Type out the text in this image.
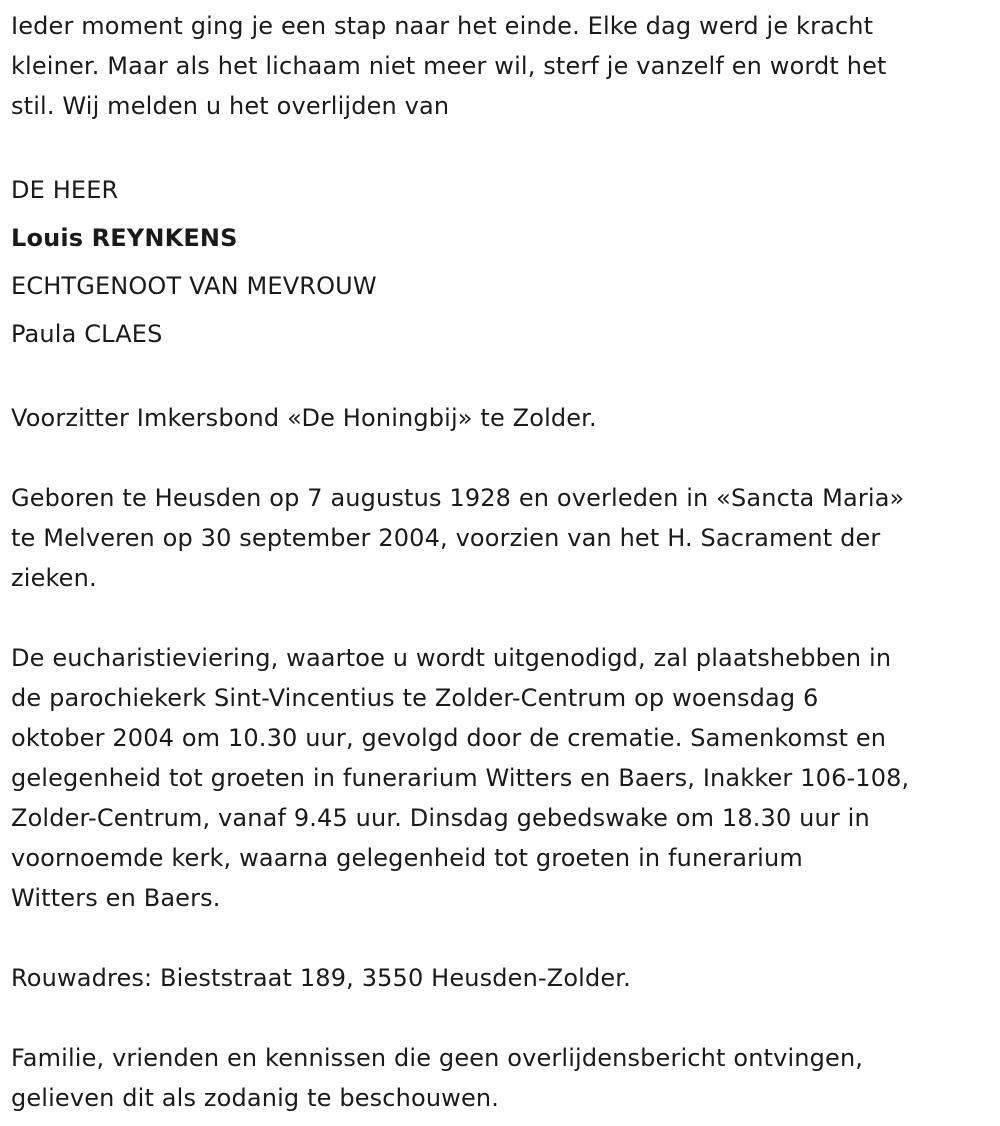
Ieder moment ging je een stap naar het einde. Elke dag werd je kracht
kleiner. Maar als het lichaam niet meer wil, sterf je vanzelf en wordt het
stil. Wij melden u het overlijden van

DE HEER

Louis REYNKENS

ECHTGENOOT VAN MEVROUW

Paula CLAES

Voorzitter Imkersbond «De Honingbij» te Zolder.

Geboren te Heusden op 7 augustus 1928 en overleden in «Sancta Maria»
te Melveren op 30 september 2004, voorzien van het H. Sacrament der
zieken.

De eucharistieviering, waartoe u wordt uitgenodigd, zal plaatshebben in
de parochiekerk Sint-Vincentius te Zolder-Centrum op woensdag 6
oktober 2004 om 10.30 uur, gevolgd door de crematie. Samenkomst en
gelegenheid tot groeten in funerarium Witters en Baers, Inakker 106-108,
Zolder-Centrum, vanaf 9.45 uur. Dinsdag gebedswake om 18.30 uur in
voornoemde kerk, waarna gelegenheid tot groeten in funerarium
Witters en Baers.

Rouwadres: Bieststraat 189, 3550 Heusden-Zolder.

Familie, vrienden en kennissen die geen overlijdensbericht ontvingen,
gelieven dit als zodanig te beschouwen.
